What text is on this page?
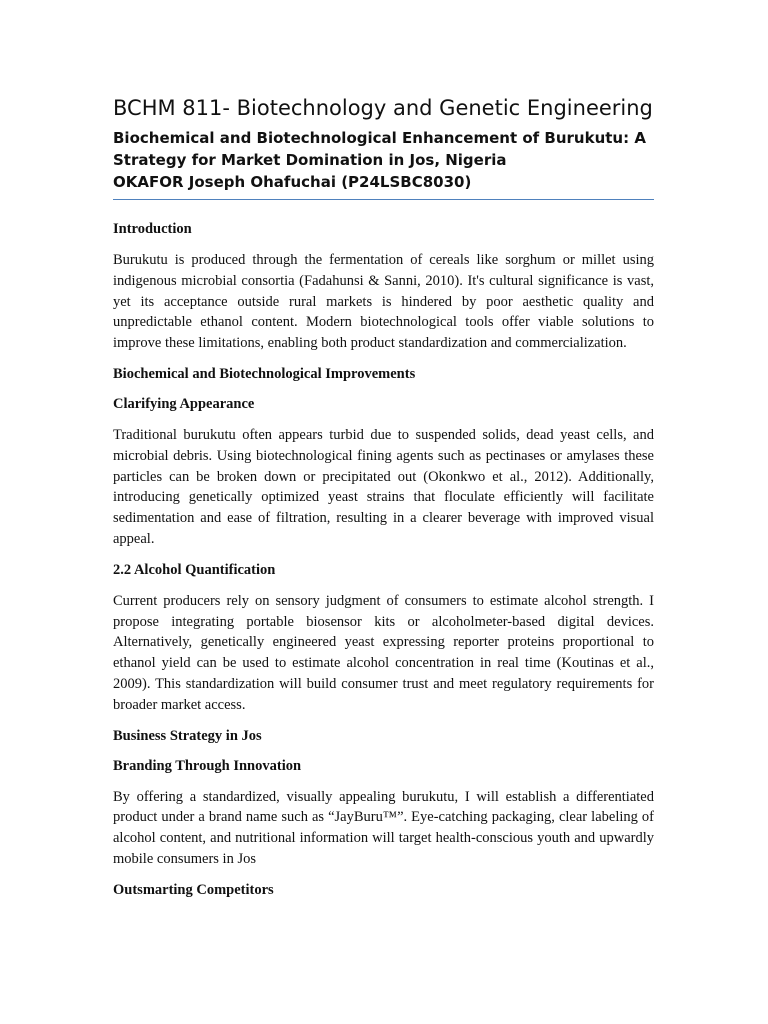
BCHM 811- Biotechnology and Genetic Engineering
Biochemical and Biotechnological Enhancement of Burukutu: A Strategy for Market Domination in Jos, Nigeria
OKAFOR Joseph Ohafuchai (P24LSBC8030)
Introduction

Burukutu is produced through the fermentation of cereals like sorghum or millet using indigenous microbial consortia (Fadahunsi & Sanni, 2010). It's cultural significance is vast, yet its acceptance outside rural markets is hindered by poor aesthetic quality and unpredictable ethanol content. Modern biotechnological tools offer viable solutions to improve these limitations, enabling both product standardization and commercialization.

Biochemical and Biotechnological Improvements
Clarifying Appearance

Traditional burukutu often appears turbid due to suspended solids, dead yeast cells, and microbial debris. Using biotechnological fining agents such as pectinases or amylases these particles can be broken down or precipitated out (Okonkwo et al., 2012). Additionally, introducing genetically optimized yeast strains that floculate efficiently will facilitate sedimentation and ease of filtration, resulting in a clearer beverage with improved visual appeal.

2.2 Alcohol Quantification

Current producers rely on sensory judgment of consumers to estimate alcohol strength. I propose integrating portable biosensor kits or alcoholmeter-based digital devices. Alternatively, genetically engineered yeast expressing reporter proteins proportional to ethanol yield can be used to estimate alcohol concentration in real time (Koutinas et al., 2009). This standardization will build consumer trust and meet regulatory requirements for broader market access.

Business Strategy in Jos
Branding Through Innovation

By offering a standardized, visually appealing burukutu, I will establish a differentiated product under a brand name such as “JayBuru™”. Eye-catching packaging, clear labeling of alcohol content, and nutritional information will target health-conscious youth and upwardly mobile consumers in Jos

Outsmarting Competitors
